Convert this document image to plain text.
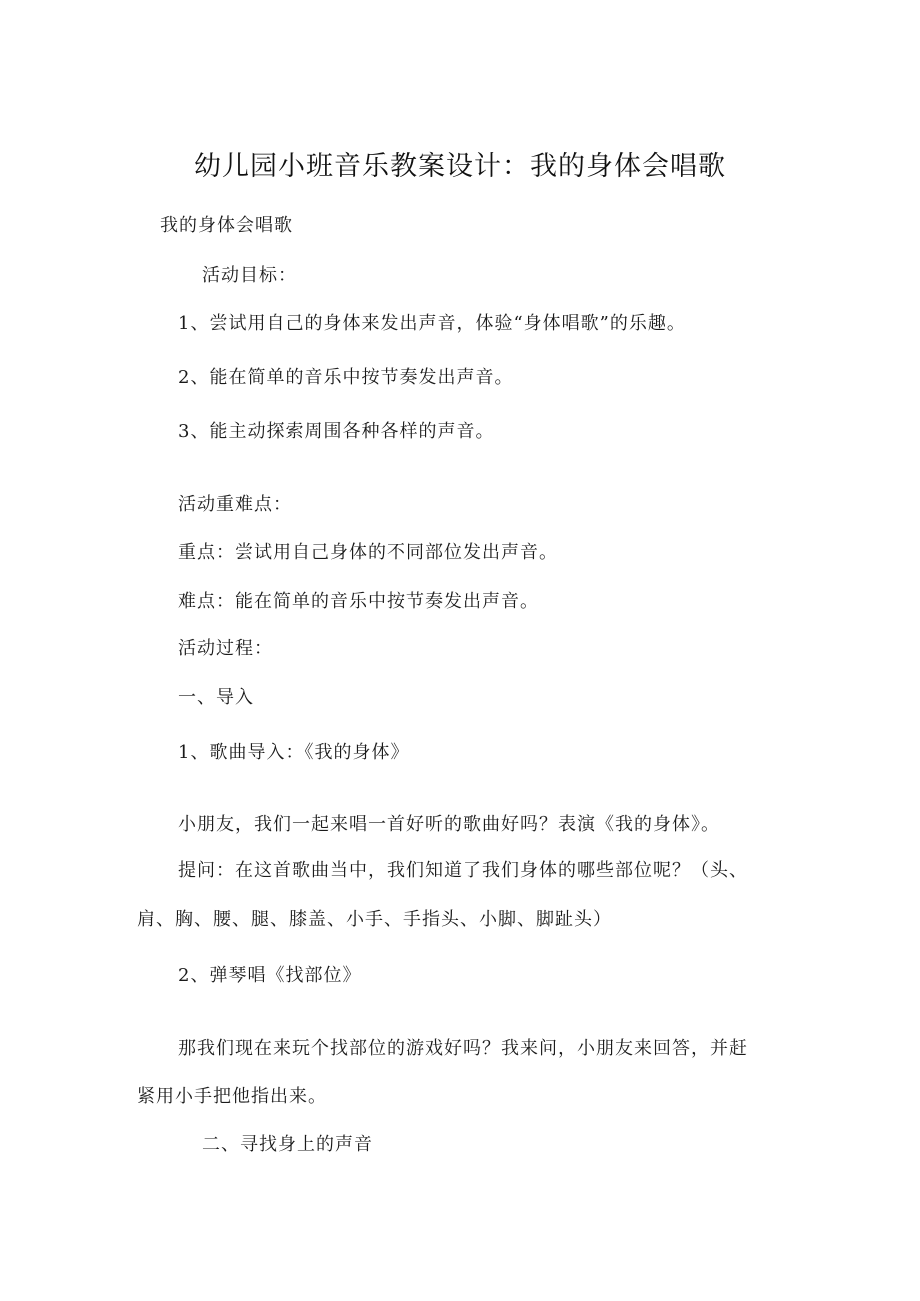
幼儿园小班音乐教案设计：我的身体会唱歌
我的身体会唱歌
活动目标：
1、尝试用自己的身体来发出声音，体验“身体唱歌”的乐趣。
2、能在简单的音乐中按节奏发出声音。
3、能主动探索周围各种各样的声音。
活动重难点：
重点：尝试用自己身体的不同部位发出声音。
难点：能在简单的音乐中按节奏发出声音。
活动过程：
一、导入
1、歌曲导入：《我的身体》
小朋友，我们一起来唱一首好听的歌曲好吗？表演《我的身体》。
提问：在这首歌曲当中，我们知道了我们身体的哪些部位呢？（头、
肩、胸、腰、腿、膝盖、小手、手指头、小脚、脚趾头）
2、弹琴唱《找部位》
那我们现在来玩个找部位的游戏好吗？我来问，小朋友来回答，并赶
紧用小手把他指出来。
二、寻找身上的声音
